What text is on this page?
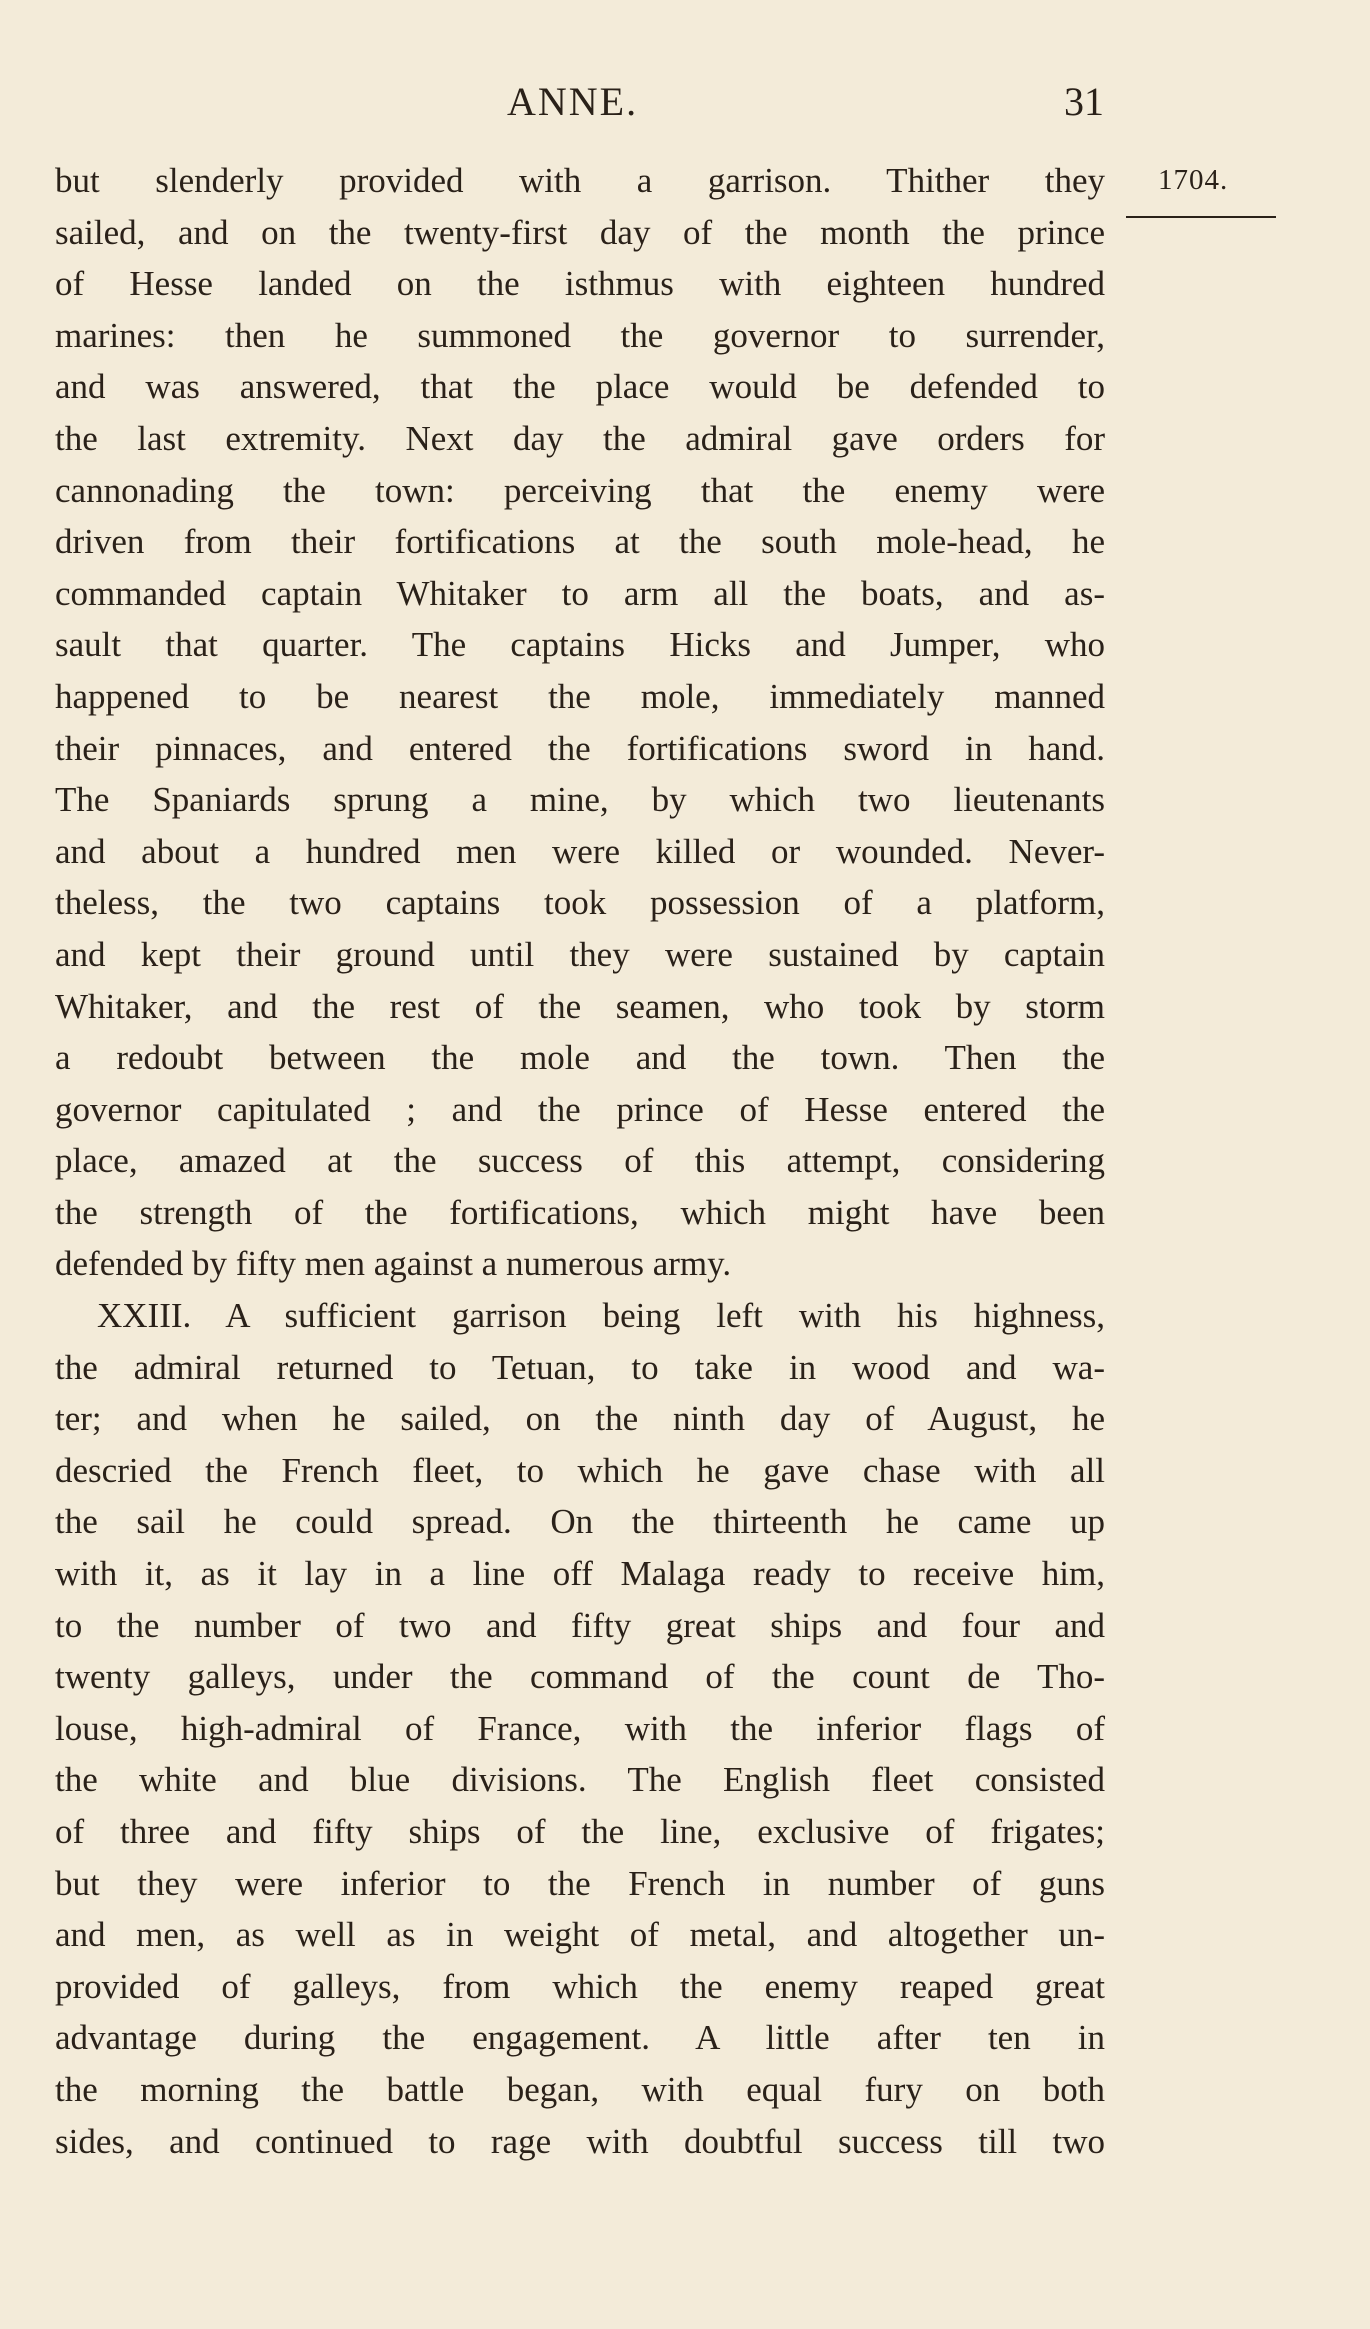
ANNE.	31
1704.
but slenderly provided with a garrison. Thither they
sailed, and on the twenty-first day of the month the prince
of Hesse landed on the isthmus with eighteen hundred
marines: then he summoned the governor to surrender,
and was answered, that the place would be defended to
the last extremity. Next day the admiral gave orders for
cannonading the town: perceiving that the enemy were
driven from their fortifications at the south mole-head, he
commanded captain Whitaker to arm all the boats, and as-
sault that quarter. The captains Hicks and Jumper, who
happened to be nearest the mole, immediately manned
their pinnaces, and entered the fortifications sword in hand.
The Spaniards sprung a mine, by which two lieutenants
and about a hundred men were killed or wounded. Never-
theless, the two captains took possession of a platform,
and kept their ground until they were sustained by captain
Whitaker, and the rest of the seamen, who took by storm
a redoubt between the mole and the town. Then the
governor capitulated ; and the prince of Hesse entered the
place, amazed at the success of this attempt, considering
the strength of the fortifications, which might have been
defended by fifty men against a numerous army.
XXIII. A sufficient garrison being left with his highness,
the admiral returned to Tetuan, to take in wood and wa-
ter; and when he sailed, on the ninth day of August, he
descried the French fleet, to which he gave chase with all
the sail he could spread. On the thirteenth he came up
with it, as it lay in a line off Malaga ready to receive him,
to the number of two and fifty great ships and four and
twenty galleys, under the command of the count de Tho-
louse, high-admiral of France, with the inferior flags of
the white and blue divisions. The English fleet consisted
of three and fifty ships of the line, exclusive of frigates;
but they were inferior to the French in number of guns
and men, as well as in weight of metal, and altogether un-
provided of galleys, from which the enemy reaped great
advantage during the engagement. A little after ten in
the morning the battle began, with equal fury on both
sides, and continued to rage with doubtful success till two
